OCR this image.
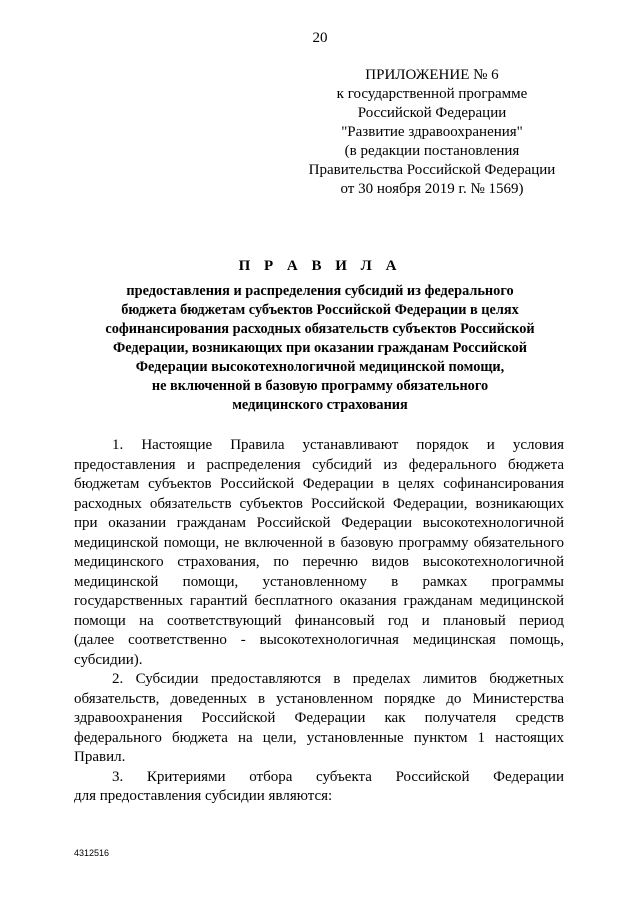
20
ПРИЛОЖЕНИЕ № 6
к государственной программе
Российской Федерации
"Развитие здравоохранения"
(в редакции постановления
Правительства Российской Федерации
от 30 ноября 2019 г. № 1569)
П Р А В И Л А
предоставления и распределения субсидий из федерального
бюджета бюджетам субъектов Российской Федерации в целях
софинансирования расходных обязательств субъектов Российской
Федерации, возникающих при оказании гражданам Российской
Федерации высокотехнологичной медицинской помощи,
не включенной в базовую программу обязательного
медицинского страхования
1. Настоящие Правила устанавливают порядок и условия
предоставления и распределения субсидий из федерального бюджета
бюджетам субъектов Российской Федерации в целях софинансирования
расходных обязательств субъектов Российской Федерации, возникающих
при оказании гражданам Российской Федерации высокотехнологичной
медицинской помощи, не включенной в базовую программу обязательного
медицинского страхования, по перечню видов высокотехнологичной
медицинской помощи, установленному в рамках программы
государственных гарантий бесплатного оказания гражданам медицинской
помощи на соответствующий финансовый год и плановый период
(далее соответственно - высокотехнологичная медицинская помощь,
субсидии).
2. Субсидии предоставляются в пределах лимитов бюджетных
обязательств, доведенных в установленном порядке до Министерства
здравоохранения Российской Федерации как получателя средств
федерального бюджета на цели, установленные пунктом 1 настоящих
Правил.
3. Критериями отбора субъекта Российской Федерации
для предоставления субсидии являются:
4312516
